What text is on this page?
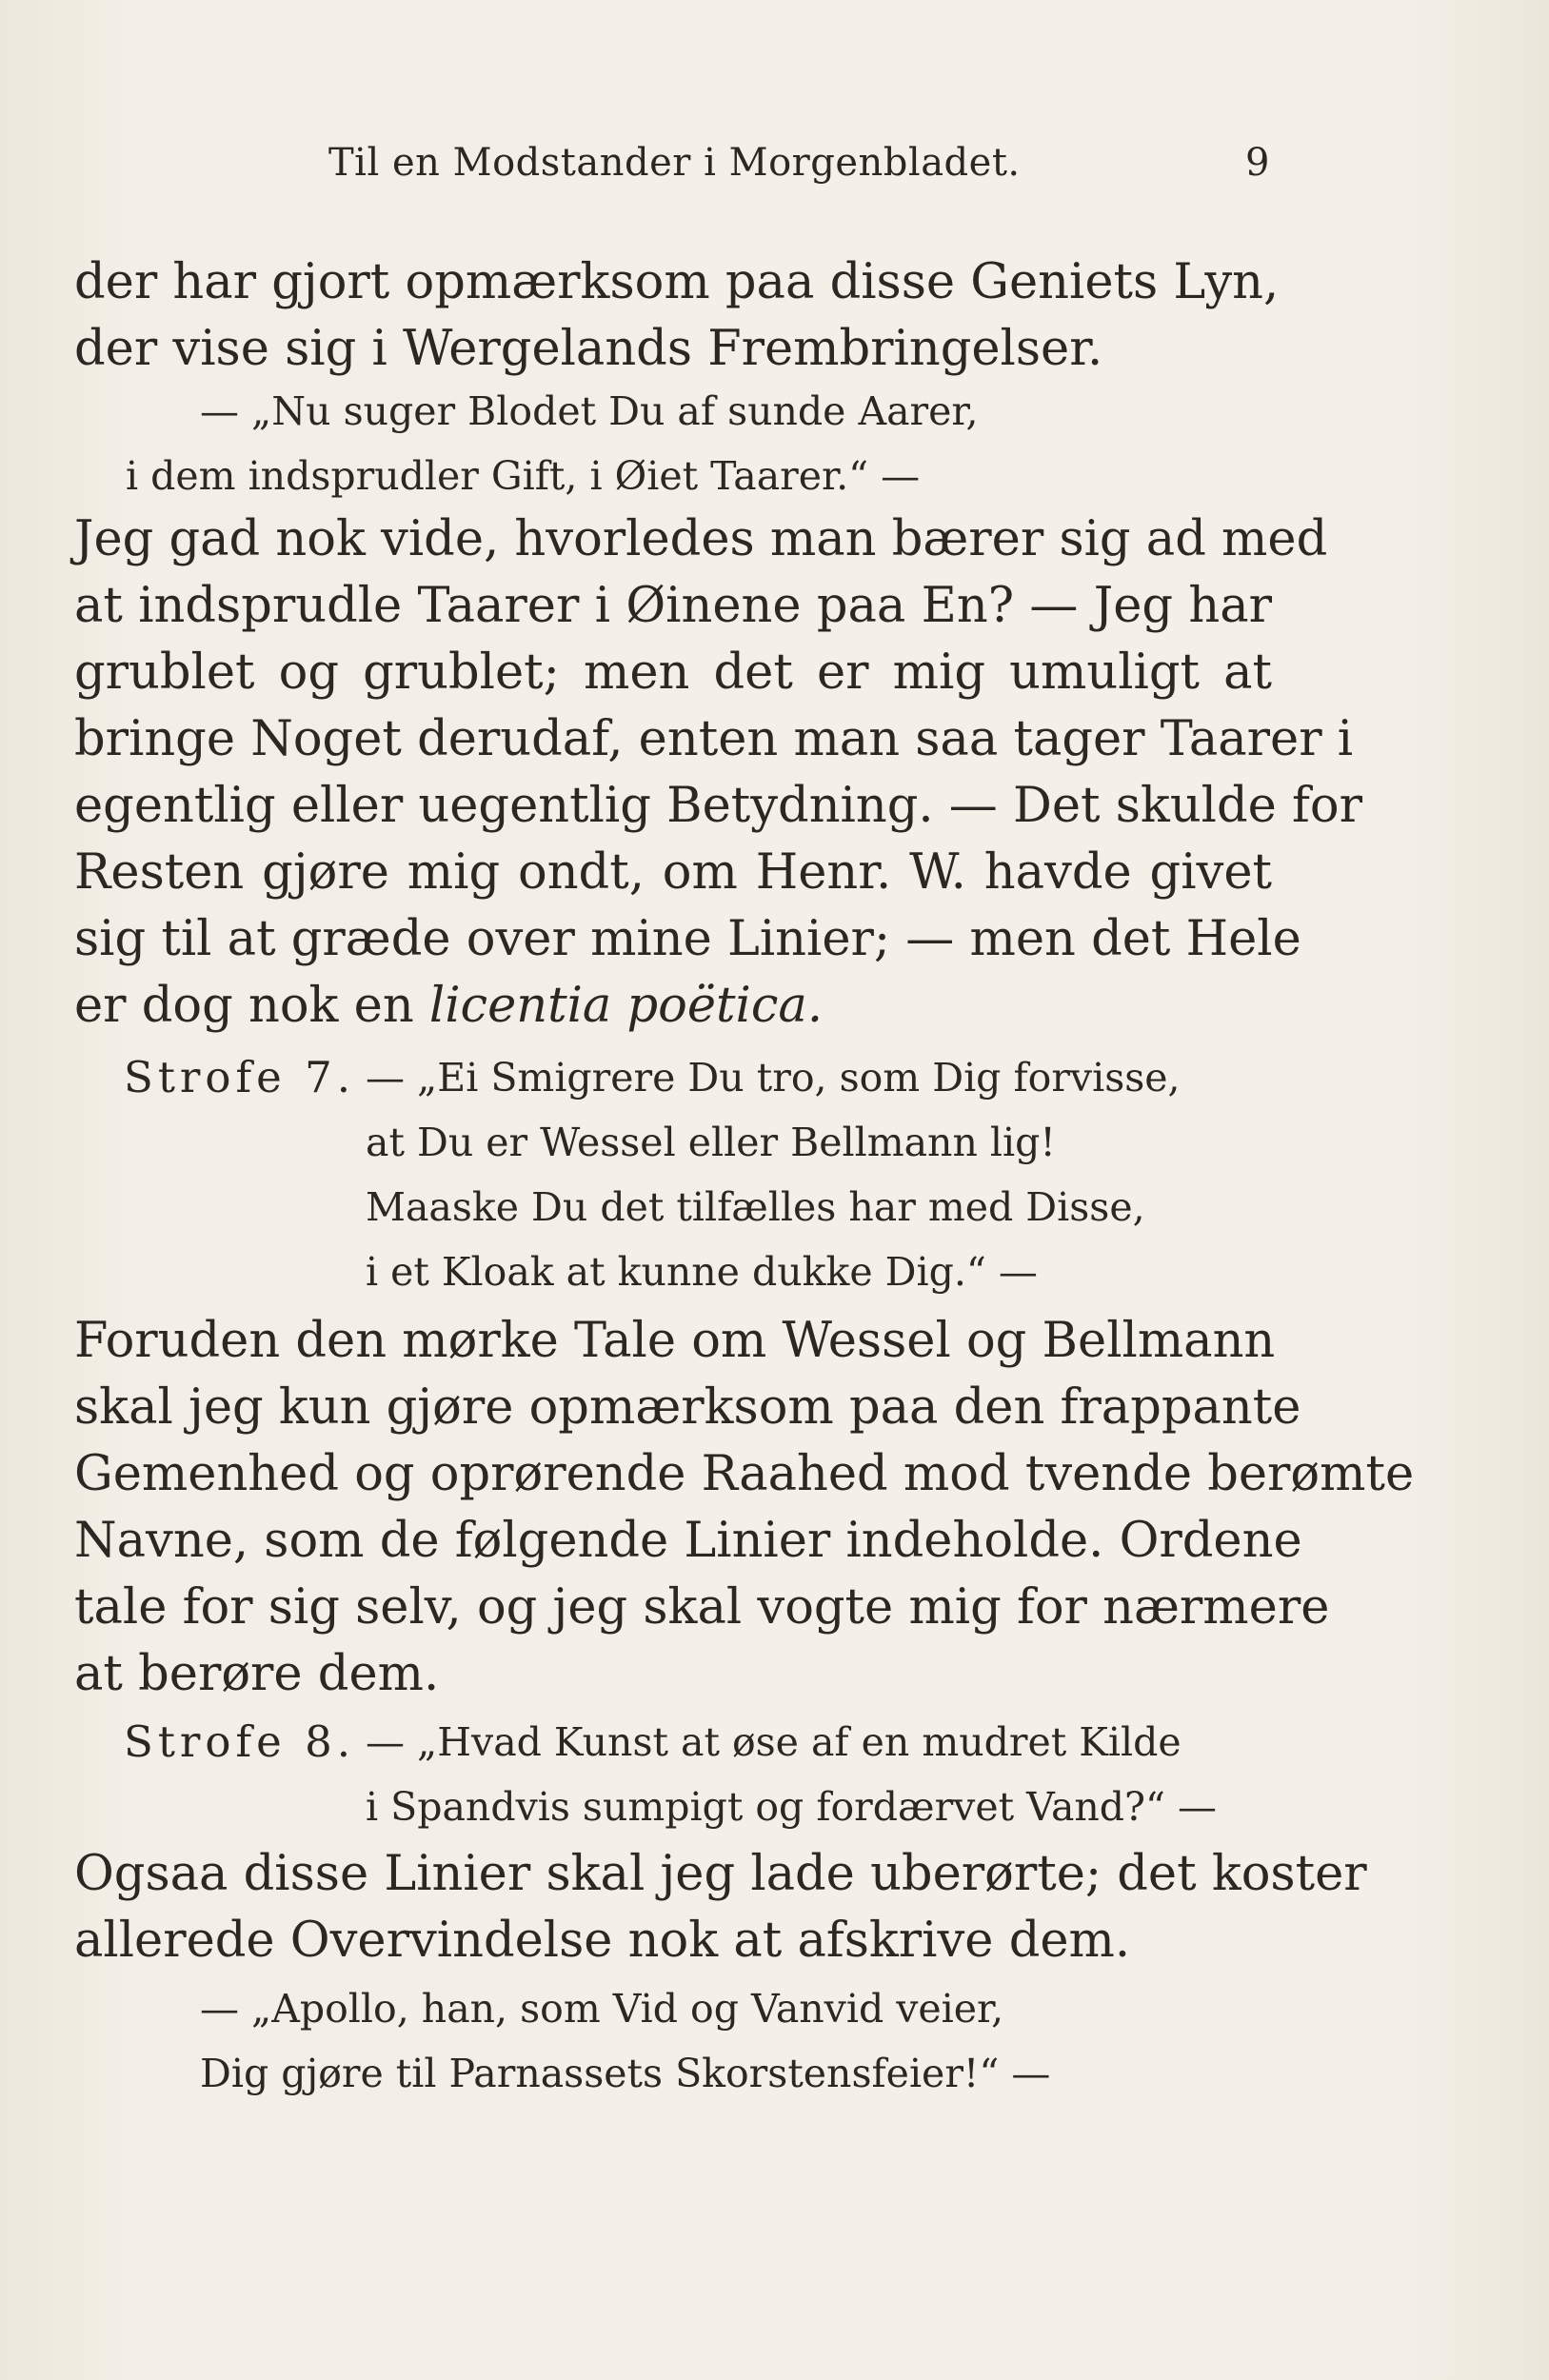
Til en Modstander i Morgenbladet.	9
der har gjort opmærksom paa disse Geniets Lyn,
der vise sig i Wergelands Frembringelser.
— „Nu suger Blodet Du af sunde Aarer,
i dem indsprudler Gift, i Øiet Taarer.“ —
Jeg gad nok vide, hvorledes man bærer sig ad med
at indsprudle Taarer i Øinene paa En? — Jeg har
grublet og grublet; men det er mig umuligt at
bringe Noget derudaf, enten man saa tager Taarer i
egentlig eller uegentlig Betydning. — Det skulde for
Resten gjøre mig ondt, om Henr. W. havde givet
sig til at græde over mine Linier; — men det Hele
er dog nok en licentia poëtica.
Strofe 7. — „Ei Smigrere Du tro, som Dig forvisse,
at Du er Wessel eller Bellmann lig!
Maaske Du det tilfælles har med Disse,
i et Kloak at kunne dukke Dig.“ —
Foruden den mørke Tale om Wessel og Bellmann
skal jeg kun gjøre opmærksom paa den frappante
Gemenhed og oprørende Raahed mod tvende berømte
Navne, som de følgende Linier indeholde. Ordene
tale for sig selv, og jeg skal vogte mig for nærmere
at berøre dem.
Strofe 8. — „Hvad Kunst at øse af en mudret Kilde
i Spandvis sumpigt og fordærvet Vand?“ —
Ogsaa disse Linier skal jeg lade uberørte; det koster
allerede Overvindelse nok at afskrive dem.
— „Apollo, han, som Vid og Vanvid veier,
Dig gjøre til Parnassets Skorstensfeier!“ —
